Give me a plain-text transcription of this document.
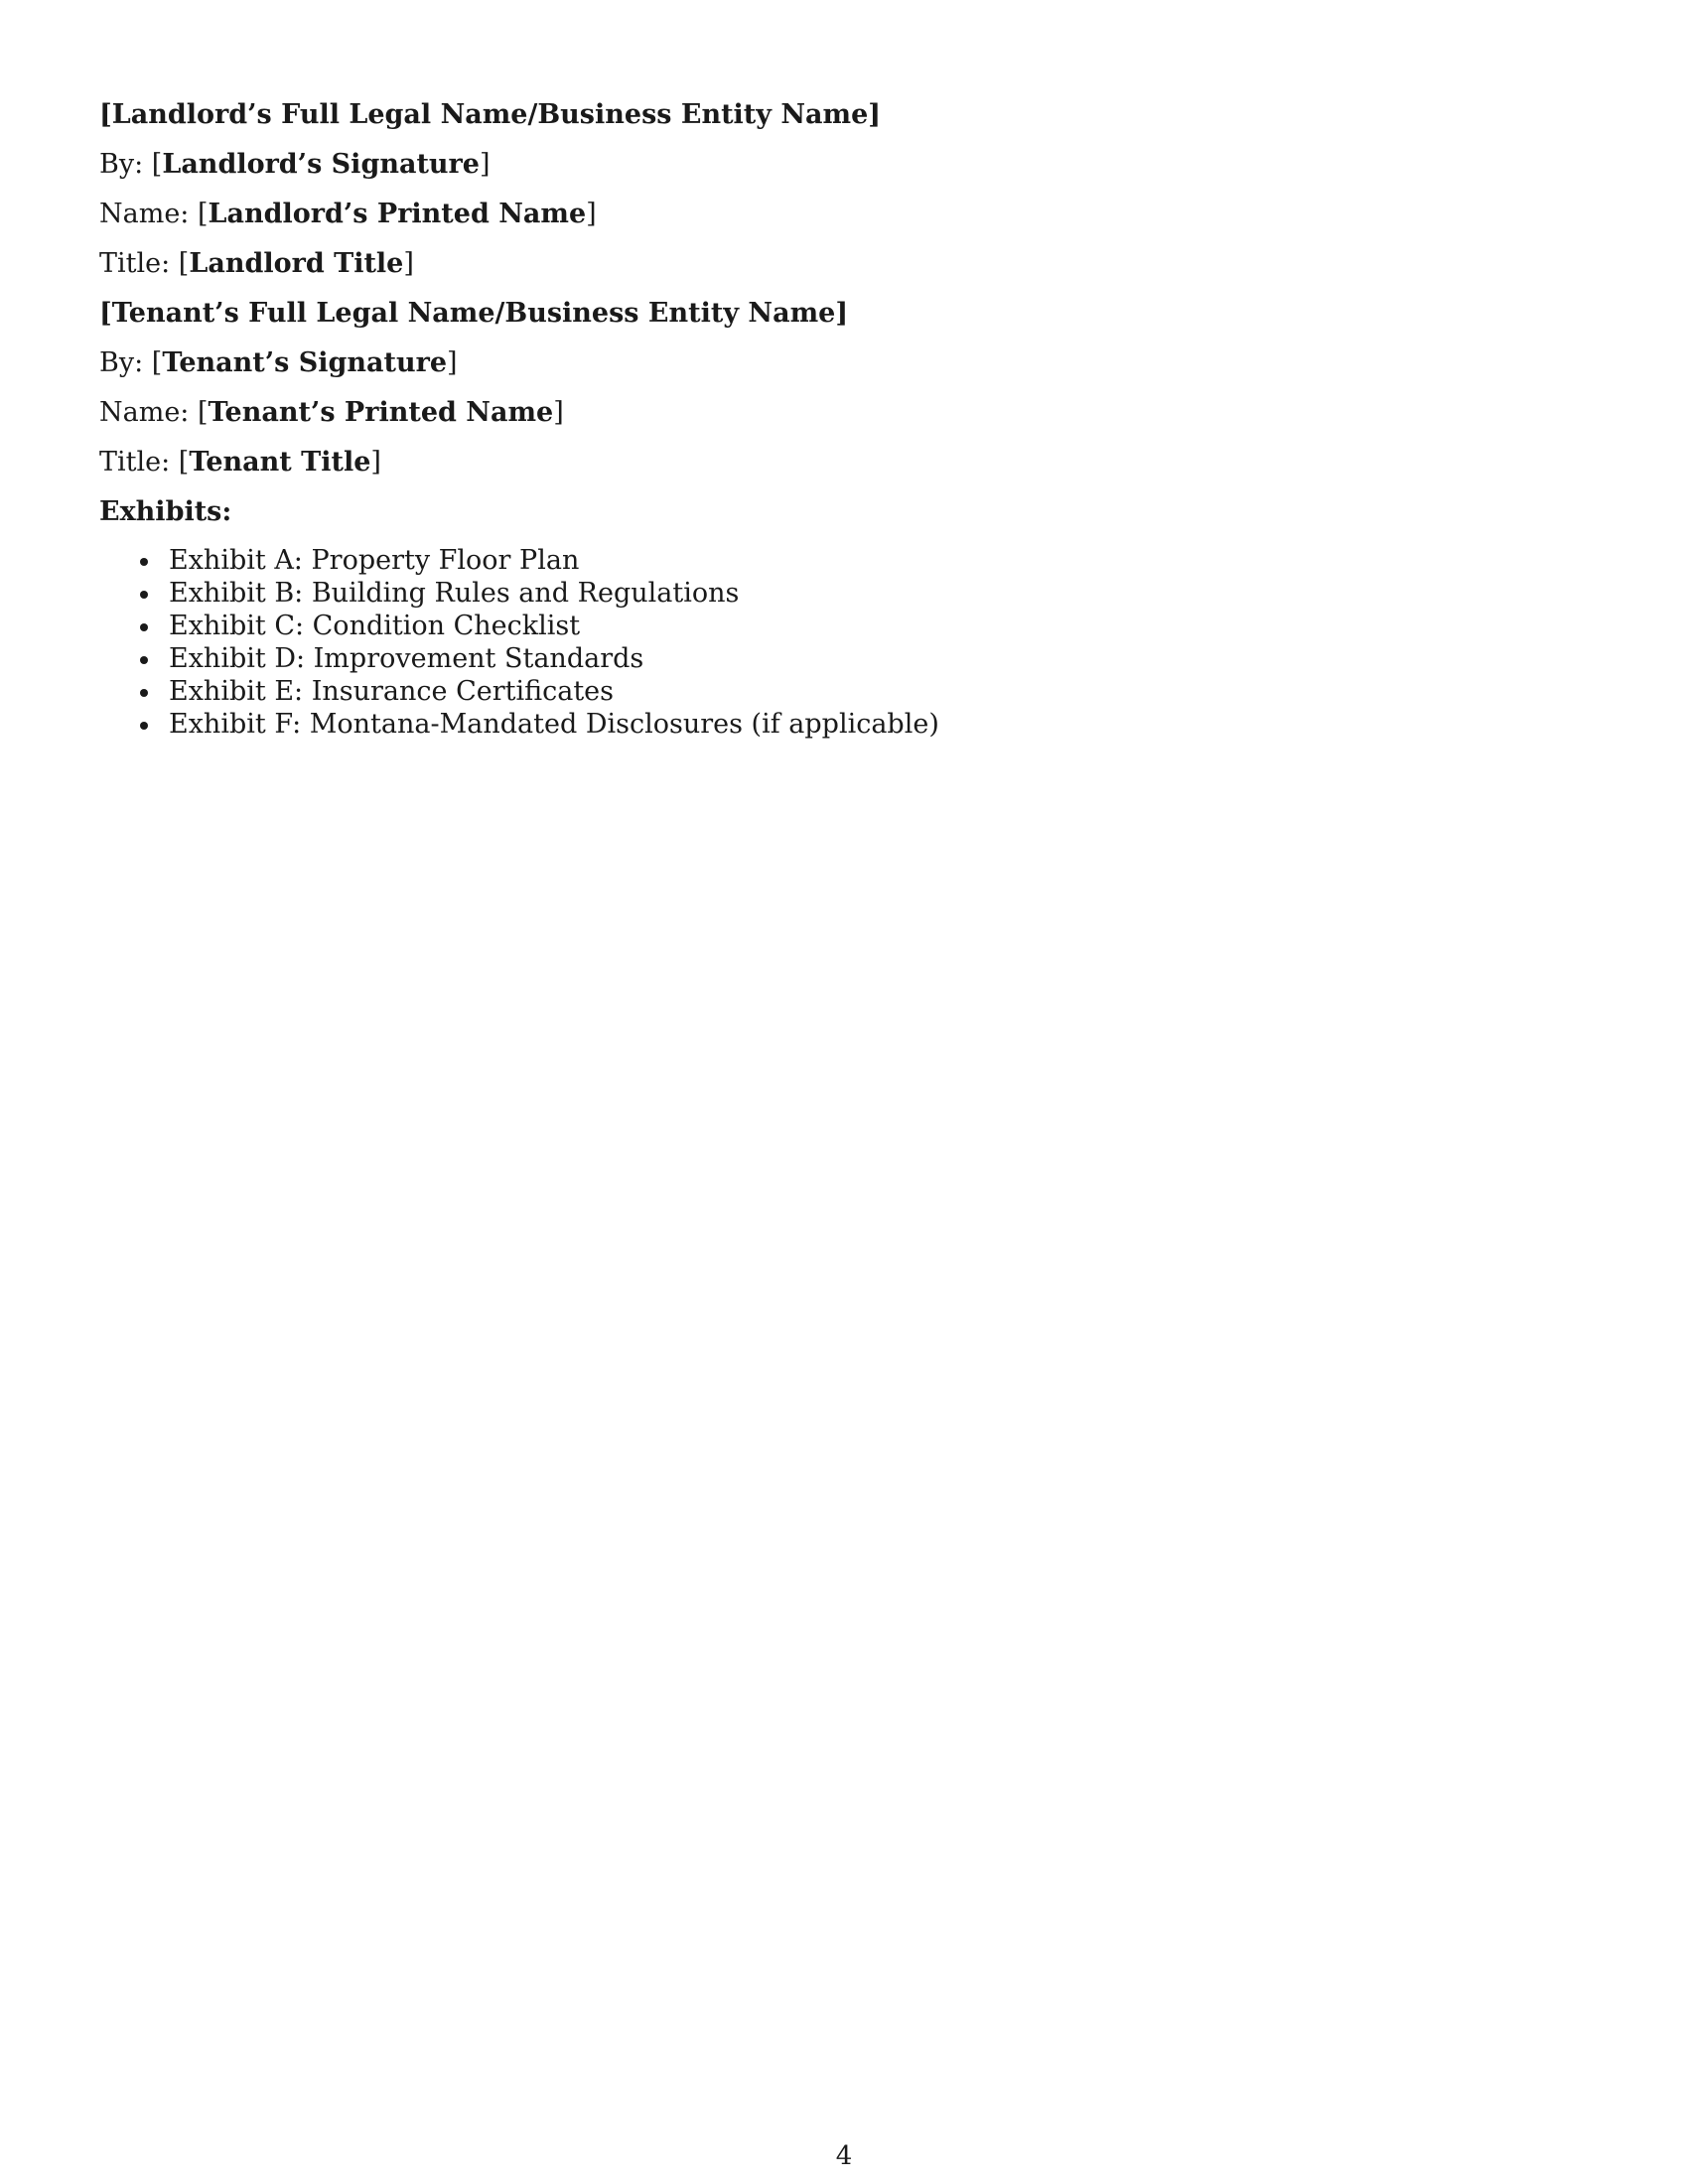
[Landlord’s Full Legal Name/Business Entity Name]
By: [Landlord’s Signature]
Name: [Landlord’s Printed Name]
Title: [Landlord Title]
[Tenant’s Full Legal Name/Business Entity Name]
By: [Tenant’s Signature]
Name: [Tenant’s Printed Name]
Title: [Tenant Title]
Exhibits:
Exhibit A: Property Floor Plan
Exhibit B: Building Rules and Regulations
Exhibit C: Condition Checklist
Exhibit D: Improvement Standards
Exhibit E: Insurance Certificates
Exhibit F: Montana-Mandated Disclosures (if applicable)
4
